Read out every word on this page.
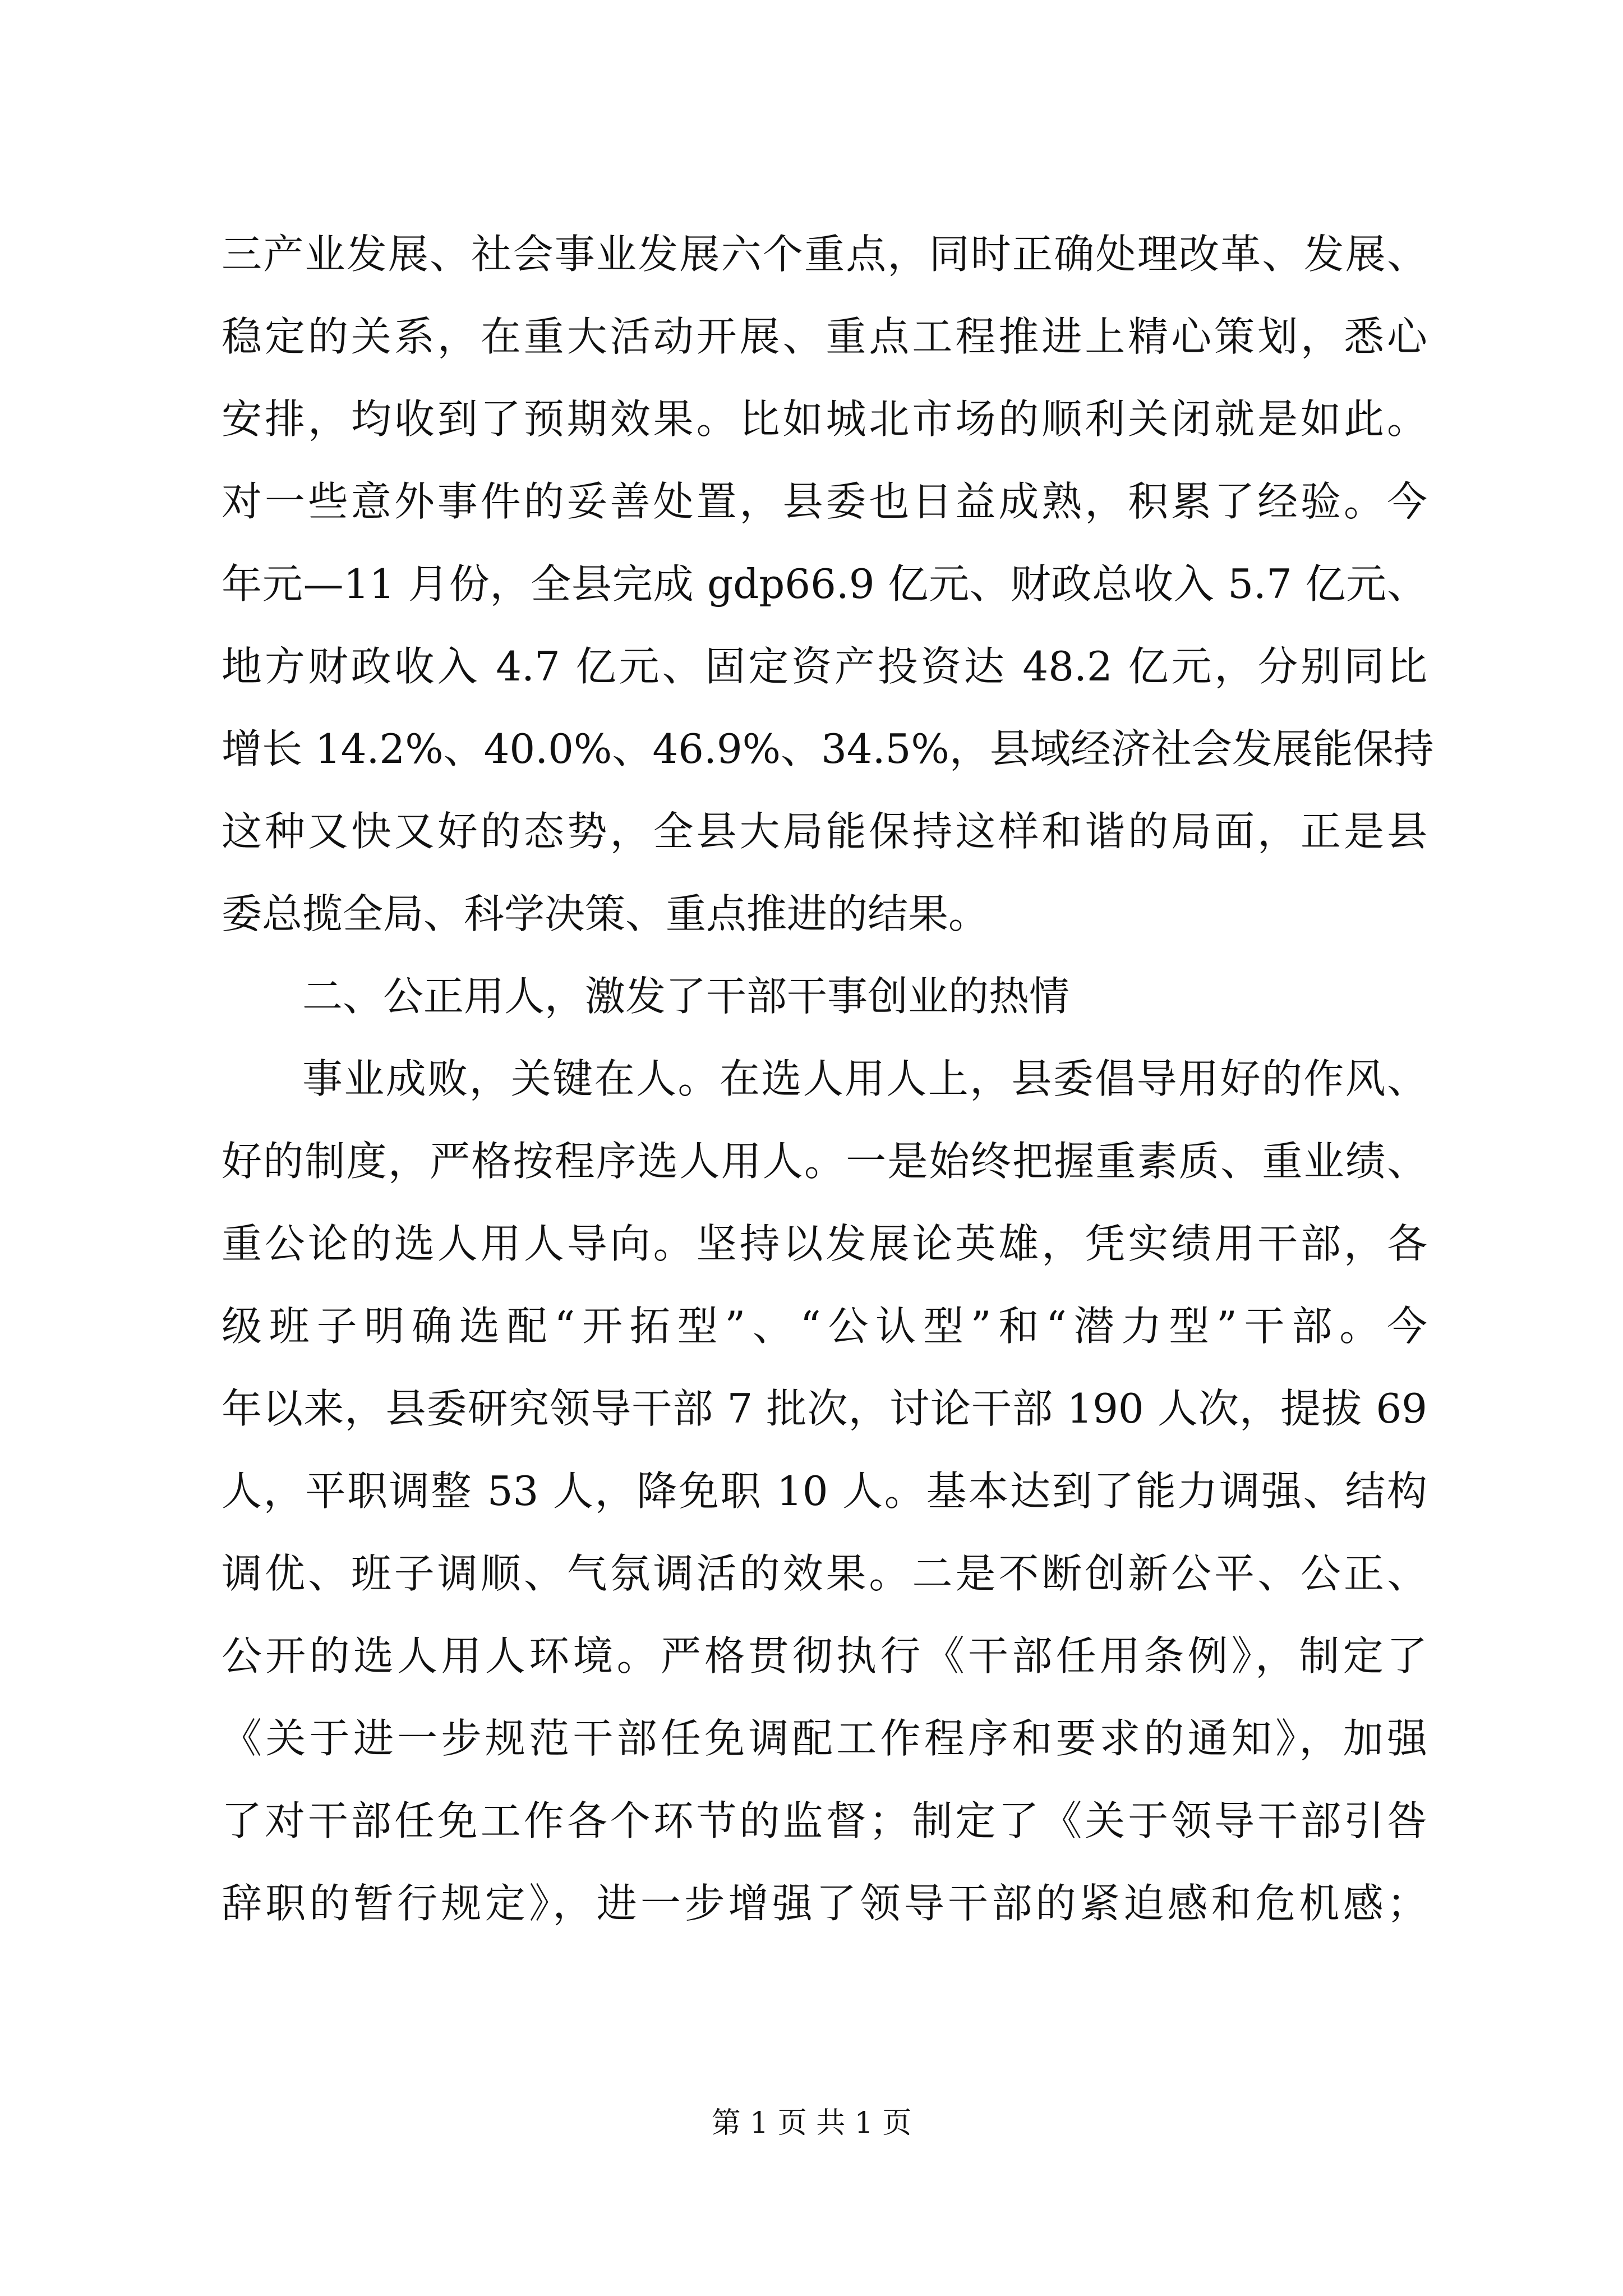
三产业发展、社会事业发展六个重点，同时正确处理改革、发展、
稳定的关系，在重大活动开展、重点工程推进上精心策划，悉心
安排，均收到了预期效果。比如城北市场的顺利关闭就是如此。
对一些意外事件的妥善处置，县委也日益成熟，积累了经验。今
年元—11 月份，全县完成 gdp66.9 亿元、财政总收入 5.7 亿元、
地方财政收入 4.7 亿元、固定资产投资达 48.2 亿元，分别同比
增长 14.2%、40.0%、46.9%、34.5%，县域经济社会发展能保持
这种又快又好的态势，全县大局能保持这样和谐的局面，正是县
委总揽全局、科学决策、重点推进的结果。
二、公正用人，激发了干部干事创业的热情
事业成败，关键在人。在选人用人上，县委倡导用好的作风、
好的制度，严格按程序选人用人。一是始终把握重素质、重业绩、
重公论的选人用人导向。坚持以发展论英雄，凭实绩用干部，各
级班子明确选配“开拓型”、“公认型”和“潜力型”干部。今
年以来，县委研究领导干部 7 批次，讨论干部 190 人次，提拔 69
人，平职调整 53 人，降免职 10 人。基本达到了能力调强、结构
调优、班子调顺、气氛调活的效果。二是不断创新公平、公正、
公开的选人用人环境。严格贯彻执行《干部任用条例》，制定了
《关于进一步规范干部任免调配工作程序和要求的通知》，加强
了对干部任免工作各个环节的监督；制定了《关于领导干部引咎
辞职的暂行规定》，进一步增强了领导干部的紧迫感和危机感；
第 1 页 共 1 页
